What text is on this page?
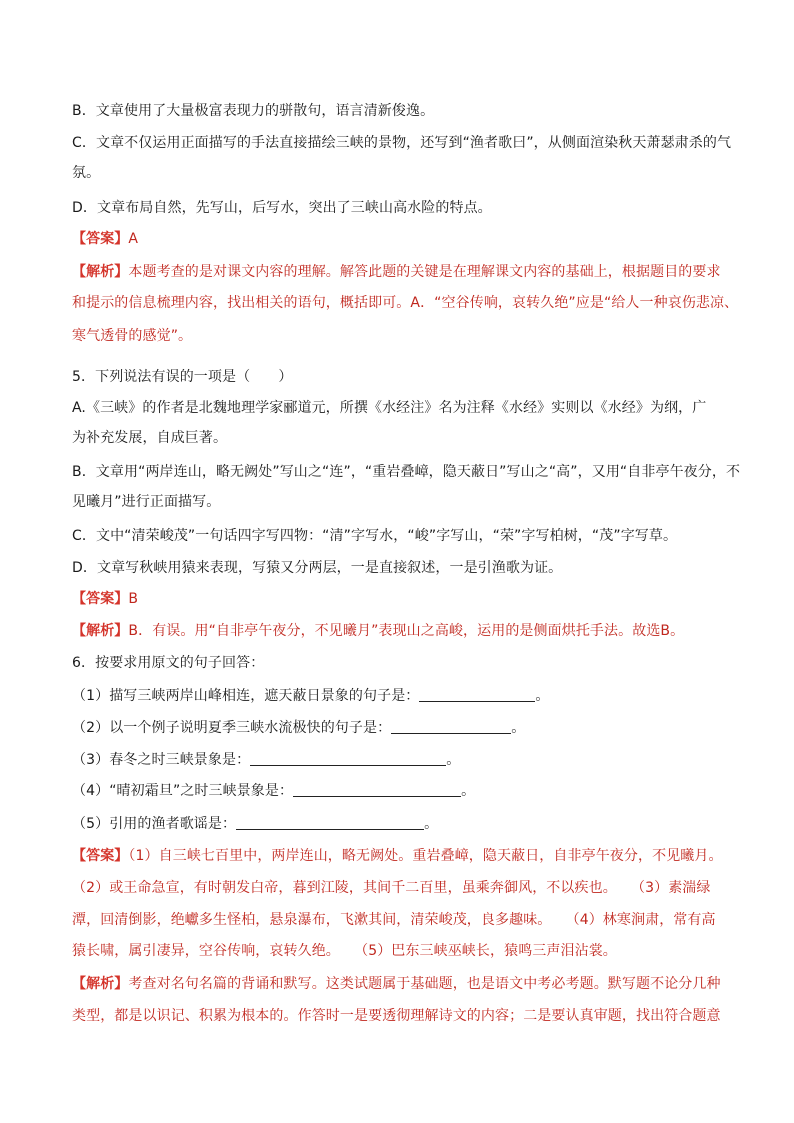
B．文章使用了大量极富表现力的骈散句，语言清新俊逸。
C．文章不仅运用正面描写的手法直接描绘三峡的景物，还写到“渔者歌曰”，从侧面渲染秋天萧瑟肃杀的气
氛。
D．文章布局自然，先写山，后写水，突出了三峡山高水险的特点。
【答案】A
【解析】本题考查的是对课文内容的理解。解答此题的关键是在理解课文内容的基础上，根据题目的要求
和提示的信息梳理内容，找出相关的语句，概括即可。A．“空谷传响，哀转久绝”应是“给人一种哀伤悲凉、
寒气透骨的感觉”。
5．下列说法有误的一项是（　　）
A.《三峡》的作者是北魏地理学家郦道元，所撰《水经注》名为注释《水经》实则以《水经》为纲，广
为补充发展，自成巨著。
B．文章用“两岸连山，略无阙处”写山之“连”，“重岩叠嶂，隐天蔽日”写山之“高”，又用“自非亭午夜分，不
见曦月”进行正面描写。
C．文中“清荣峻茂”一句话四字写四物：“清”字写水，“峻”字写山，“荣”字写柏树，“茂”字写草。
D．文章写秋峡用猿来表现，写猿又分两层，一是直接叙述，一是引渔歌为证。
【答案】B
【解析】B．有误。用“自非亭午夜分，不见曦月”表现山之高峻，运用的是侧面烘托手法。故选B。
6．按要求用原文的句子回答：
（1）描写三峡两岸山峰相连，遮天蔽日景象的句子是：	。
（2）以一个例子说明夏季三峡水流极快的句子是：	。
（3）春冬之时三峡景象是：	。
（4）“晴初霜旦”之时三峡景象是：	。
（5）引用的渔者歌谣是：	。
【答案】（1）自三峡七百里中，两岸连山，略无阙处。重岩叠嶂，隐天蔽日，自非亭午夜分，不见曦月。
（2）或王命急宣，有时朝发白帝，暮到江陵，其间千二百里，虽乘奔御风，不以疾也。　　（3）素湍绿
潭，回清倒影，绝巘多生怪柏，悬泉瀑布，飞漱其间，清荣峻茂，良多趣味。　　（4）林寒涧肃，常有高
猿长啸，属引凄异，空谷传响，哀转久绝。　　（5）巴东三峡巫峡长，猿鸣三声泪沾裳。
【解析】考查对名句名篇的背诵和默写。这类试题属于基础题，也是语文中考必考题。默写题不论分几种
类型，都是以识记、积累为根本的。作答时一是要透彻理解诗文的内容；二是要认真审题，找出符合题意
